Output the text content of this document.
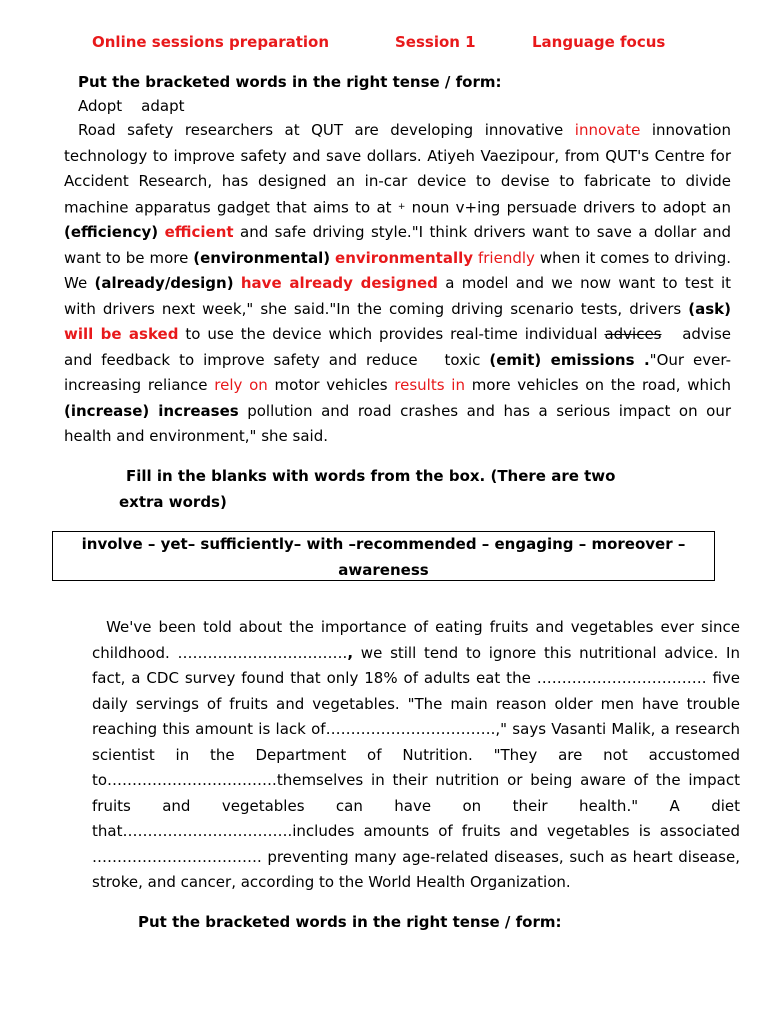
Online sessions preparation	Session 1	Language focus
Put the bracketed words in the right tense / form:
Adopt    adapt
Road safety researchers at QUT are developing innovative innovate innovation technology to improve safety and save dollars. Atiyeh Vaezipour, from QUT's Centre for Accident Research, has designed an in-car device to devise to fabricate to divide machine apparatus gadget that aims to at + noun v+ing persuade drivers to adopt an (efficiency) efficient and safe driving style."I think drivers want to save a dollar and want to be more (environmental) environmentally friendly when it comes to driving. We (already/design) have already designed a model and we now want to test it with drivers next week," she said."In the coming driving scenario tests, drivers (ask) will be asked to use the device which provides real-time individual advices   advise and feedback to improve safety and reduce   toxic (emit) emissions ."Our ever-increasing reliance rely on motor vehicles results in more vehicles on the road, which (increase) increases pollution and road crashes and has a serious impact on our health and environment," she said.
Fill in the blanks with words from the box. (There are two
extra words)
involve – yet– sufficiently– with –recommended – engaging – moreover –
awareness
We've been told about the importance of eating fruits and vegetables ever since childhood. ……………………………., we still tend to ignore this nutritional advice. In fact, a CDC survey found that only 18% of adults eat the ……………………………. five daily servings of fruits and vegetables. "The main reason older men have trouble reaching this amount is lack of…………………………….," says Vasanti Malik, a research scientist in the Department of Nutrition. "They are not accustomed to…………………………….themselves in their nutrition or being aware of the impact fruits and vegetables can have on their health." A diet that…………………………….includes amounts of fruits and vegetables is associated ……………………………. preventing many age-related diseases, such as heart disease, stroke, and cancer, according to the World Health Organization.
Put the bracketed words in the right tense / form:
